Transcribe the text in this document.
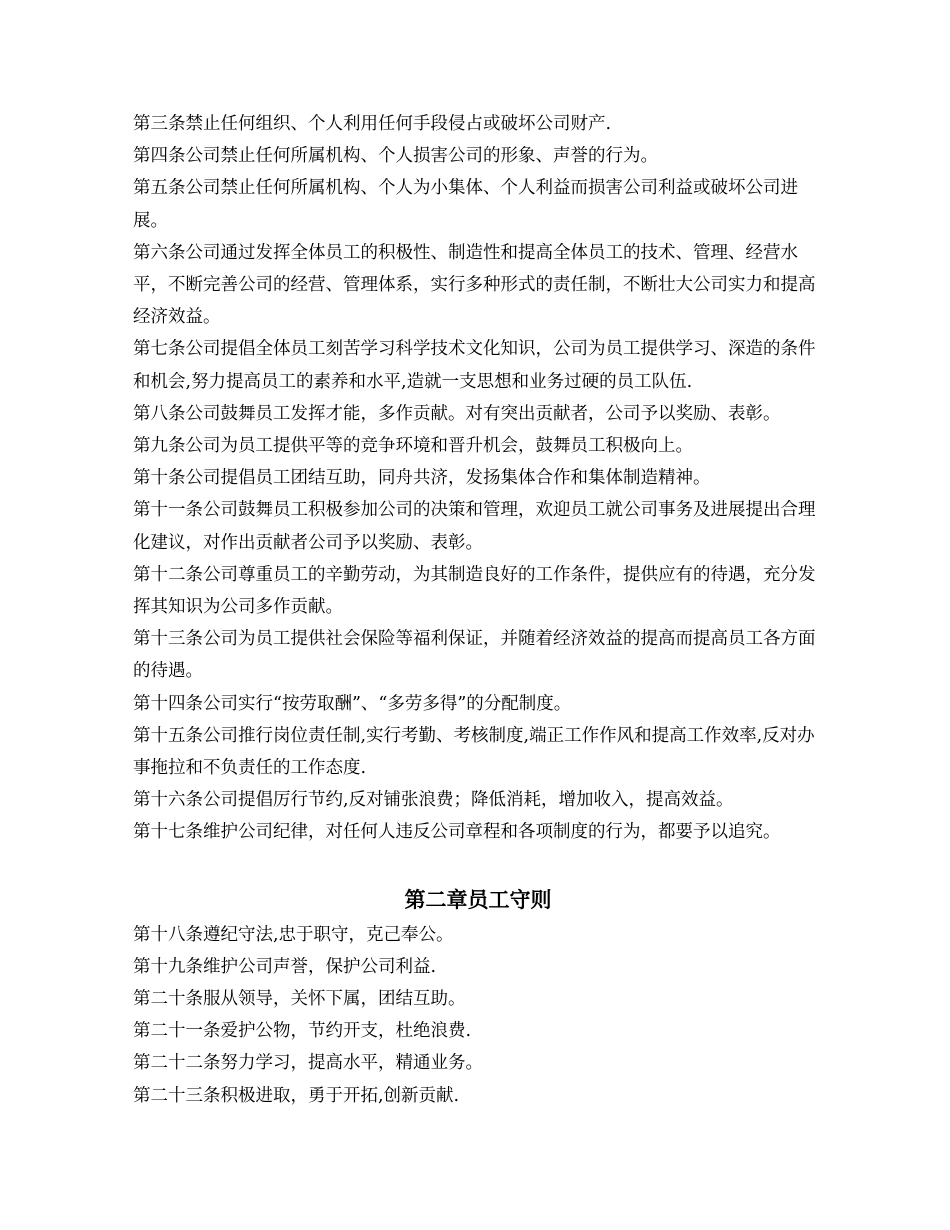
第三条禁止任何组织、个人利用任何手段侵占或破坏公司财产.

第四条公司禁止任何所属机构、个人损害公司的形象、声誉的行为。

第五条公司禁止任何所属机构、个人为小集体、个人利益而损害公司利益或破坏公司进展。

第六条公司通过发挥全体员工的积极性、制造性和提高全体员工的技术、管理、经营水平，不断完善公司的经营、管理体系，实行多种形式的责任制，不断壮大公司实力和提高经济效益。

第七条公司提倡全体员工刻苦学习科学技术文化知识，公司为员工提供学习、深造的条件和机会,努力提高员工的素养和水平,造就一支思想和业务过硬的员工队伍.

第八条公司鼓舞员工发挥才能，多作贡献。对有突出贡献者，公司予以奖励、表彰。

第九条公司为员工提供平等的竞争环境和晋升机会，鼓舞员工积极向上。

第十条公司提倡员工团结互助，同舟共济，发扬集体合作和集体制造精神。

第十一条公司鼓舞员工积极参加公司的决策和管理，欢迎员工就公司事务及进展提出合理化建议，对作出贡献者公司予以奖励、表彰。

第十二条公司尊重员工的辛勤劳动，为其制造良好的工作条件，提供应有的待遇，充分发挥其知识为公司多作贡献。

第十三条公司为员工提供社会保险等福利保证，并随着经济效益的提高而提高员工各方面的待遇。

第十四条公司实行“按劳取酬”、“多劳多得”的分配制度。

第十五条公司推行岗位责任制,实行考勤、考核制度,端正工作作风和提高工作效率,反对办事拖拉和不负责任的工作态度.

第十六条公司提倡厉行节约,反对铺张浪费；降低消耗，增加收入，提高效益。

第十七条维护公司纪律，对任何人违反公司章程和各项制度的行为，都要予以追究。

第二章员工守则

第十八条遵纪守法,忠于职守，克己奉公。

第十九条维护公司声誉，保护公司利益.

第二十条服从领导，关怀下属，团结互助。

第二十一条爱护公物，节约开支，杜绝浪费.

第二十二条努力学习，提高水平，精通业务。

第二十三条积极进取，勇于开拓,创新贡献.
